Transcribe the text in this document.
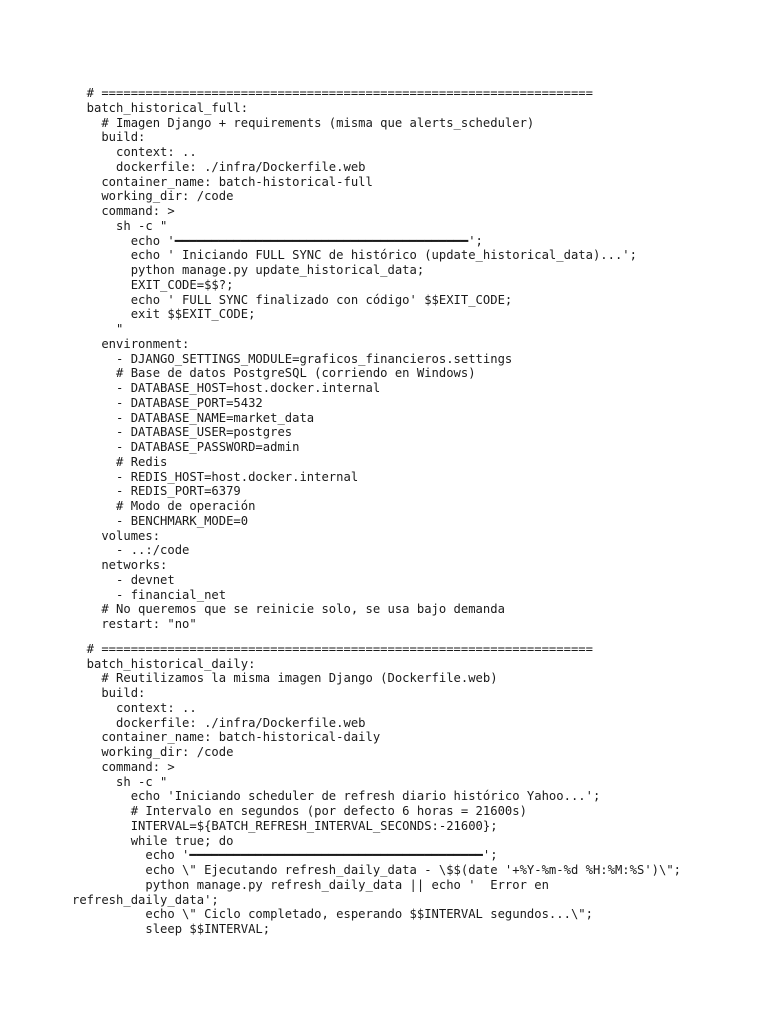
# ===================================================================
batch_historical_full:
# Imagen Django + requirements (misma que alerts_scheduler)
build:
context: ..
dockerfile: ./infra/Dockerfile.web
container_name: batch-historical-full
working_dir: /code
command: >
sh -c "
echo '━━━━━━━━━━━━━━━━━━━━━━━━━━━━━━━━━━━━━━━━';
echo ' Iniciando FULL SYNC de histórico (update_historical_data)...';
python manage.py update_historical_data;
EXIT_CODE=$$?;
echo ' FULL SYNC finalizado con código' $$EXIT_CODE;
exit $$EXIT_CODE;
"
environment:
- DJANGO_SETTINGS_MODULE=graficos_financieros.settings
# Base de datos PostgreSQL (corriendo en Windows)
- DATABASE_HOST=host.docker.internal
- DATABASE_PORT=5432
- DATABASE_NAME=market_data
- DATABASE_USER=postgres
- DATABASE_PASSWORD=admin
# Redis
- REDIS_HOST=host.docker.internal
- REDIS_PORT=6379
# Modo de operación
- BENCHMARK_MODE=0
volumes:
- ..:/code
networks:
- devnet
- financial_net
# No queremos que se reinicie solo, se usa bajo demanda
restart: "no"
# ===================================================================
batch_historical_daily:
# Reutilizamos la misma imagen Django (Dockerfile.web)
build:
context: ..
dockerfile: ./infra/Dockerfile.web
container_name: batch-historical-daily
working_dir: /code
command: >
sh -c "
echo 'Iniciando scheduler de refresh diario histórico Yahoo...';
# Intervalo en segundos (por defecto 6 horas = 21600s)
INTERVAL=${BATCH_REFRESH_INTERVAL_SECONDS:-21600};
while true; do
echo '━━━━━━━━━━━━━━━━━━━━━━━━━━━━━━━━━━━━━━━━';
echo \" Ejecutando refresh_daily_data - \$$(date '+%Y-%m-%d %H:%M:%S')\";
python manage.py refresh_daily_data || echo '  Error en
refresh_daily_data';
echo \" Ciclo completado, esperando $$INTERVAL segundos...\";
sleep $$INTERVAL;
